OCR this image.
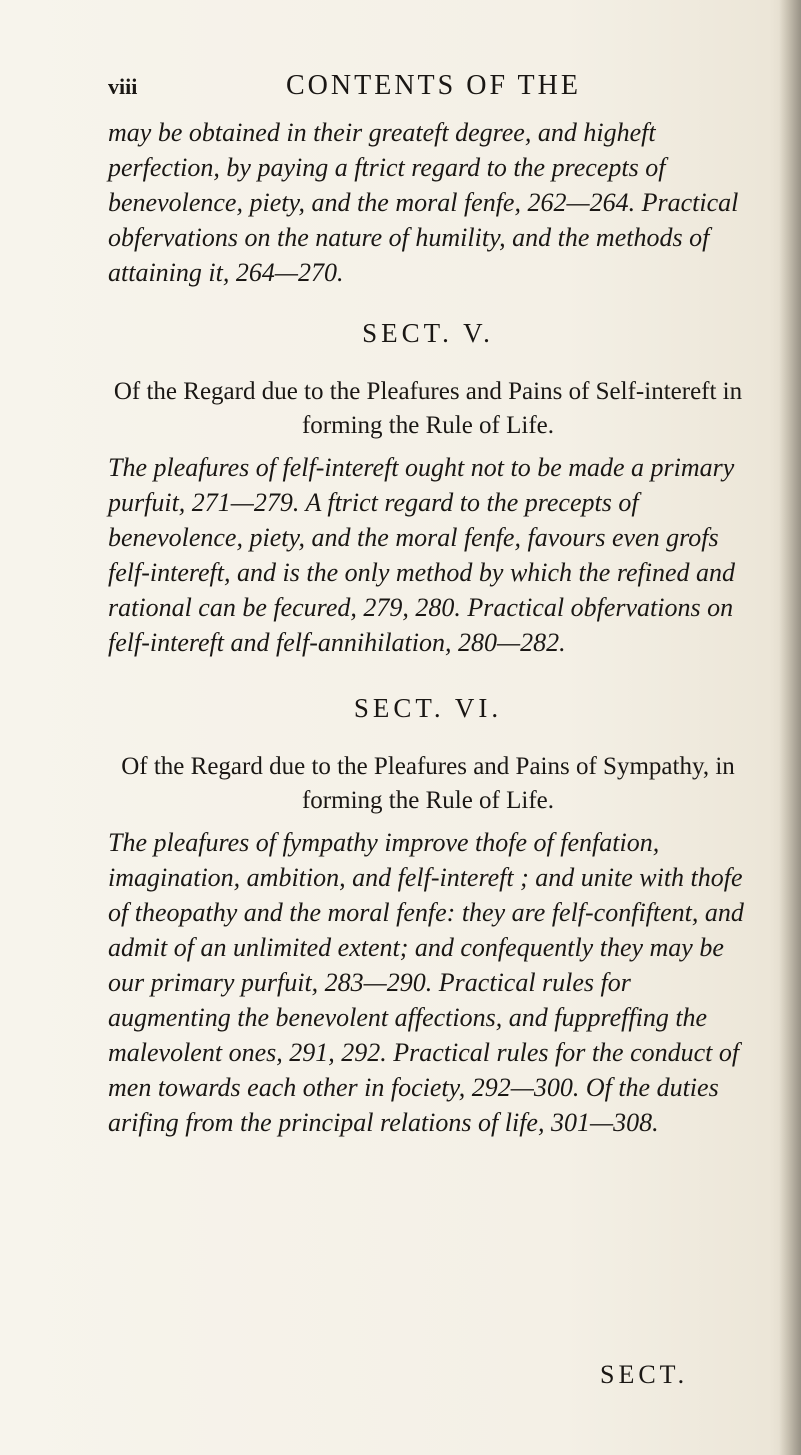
viii	CONTENTS OF THE
may be obtained in their greateft degree, and higheft perfection, by paying a ftrict regard to the precepts of benevolence, piety, and the moral fenfe, 262—264. Practical obfervations on the nature of humility, and the methods of attaining it, 264—270.
SECT. V.
Of the Regard due to the Pleafures and Pains of Self-intereft in forming the Rule of Life.
The pleafures of felf-intereft ought not to be made a primary purfuit, 271—279. A ftrict regard to the precepts of benevolence, piety, and the moral fenfe, favours even grofs felf-intereft, and is the only method by which the refined and rational can be fecured, 279, 280. Practical obfervations on felf-intereft and felf-annihilation, 280—282.
SECT. VI.
Of the Regard due to the Pleafures and Pains of Sympathy, in forming the Rule of Life.
The pleafures of fympathy improve thofe of fenfation, imagination, ambition, and felf-intereft ; and unite with thofe of theopathy and the moral fenfe: they are felf-confiftent, and admit of an unlimited extent; and confequently they may be our primary purfuit, 283—290. Practical rules for augmenting the benevolent affections, and fuppreffing the malevolent ones, 291, 292. Practical rules for the conduct of men towards each other in fociety, 292—300. Of the duties arifing from the principal relations of life, 301—308.
SECT.
